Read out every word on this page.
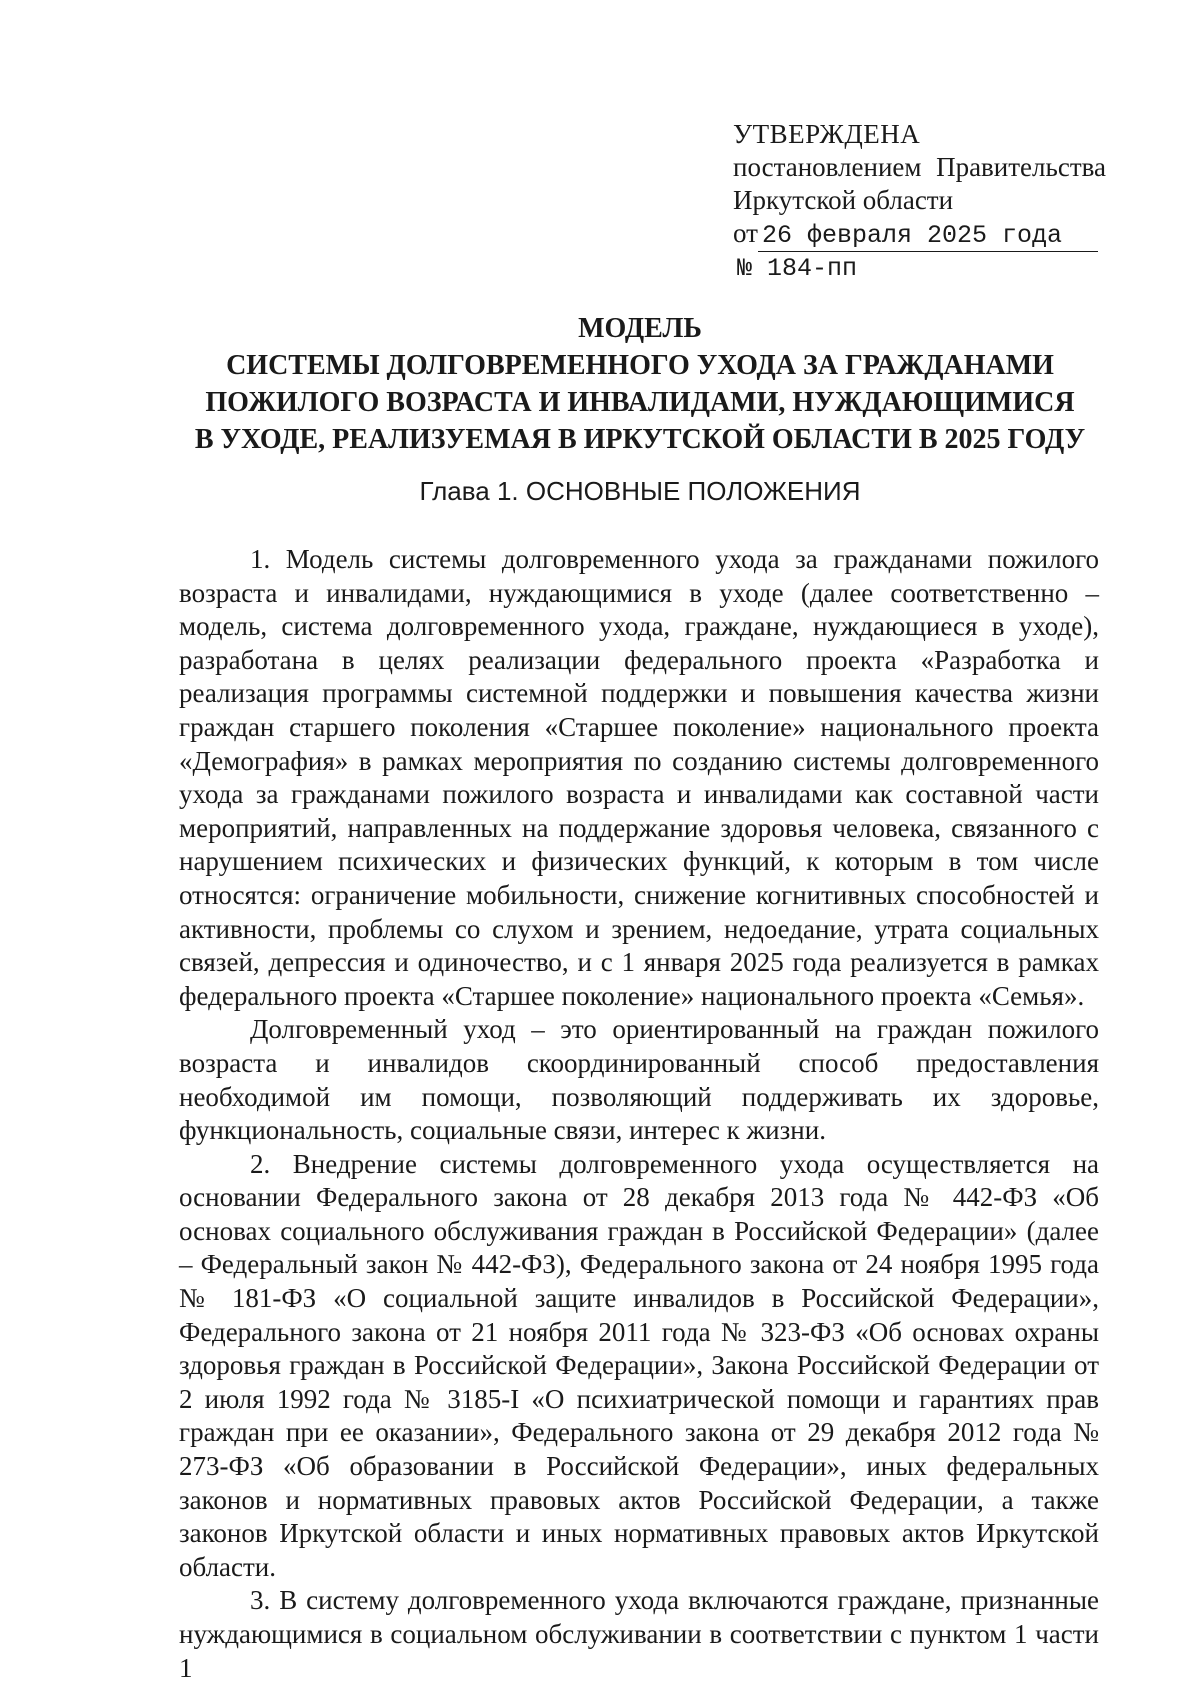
УТВЕРЖДЕНА
постановлением Правительства
Иркутской области
от 26 февраля 2025 года
№ 184-пп
МОДЕЛЬ
СИСТЕМЫ ДОЛГОВРЕМЕННОГО УХОДА ЗА ГРАЖДАНАМИ
ПОЖИЛОГО ВОЗРАСТА И ИНВАЛИДАМИ, НУЖДАЮЩИМИСЯ
В УХОДЕ, РЕАЛИЗУЕМАЯ В ИРКУТСКОЙ ОБЛАСТИ В 2025 ГОДУ
Глава 1. ОСНОВНЫЕ ПОЛОЖЕНИЯ

1. Модель системы долговременного ухода за гражданами пожилого возраста и инвалидами, нуждающимися в уходе (далее соответственно – модель, система долговременного ухода, граждане, нуждающиеся в уходе), разработана в целях реализации федерального проекта «Разработка и реализация программы системной поддержки и повышения качества жизни граждан старшего поколения «Старшее поколение» национального проекта «Демография» в рамках мероприятия по созданию системы долговременного ухода за гражданами пожилого возраста и инвалидами как составной части мероприятий, направленных на поддержание здоровья человека, связанного с нарушением психических и физических функций, к которым в том числе относятся: ограничение мобильности, снижение когнитивных способностей и активности, проблемы со слухом и зрением, недоедание, утрата социальных связей, депрессия и одиночество, и с 1 января 2025 года реализуется в рамках федерального проекта «Старшее поколение» национального проекта «Семья».

Долговременный уход – это ориентированный на граждан пожилого возраста и инвалидов скоординированный способ предоставления необходимой им помощи, позволяющий поддерживать их здоровье, функциональность, социальные связи, интерес к жизни.

2. Внедрение системы долговременного ухода осуществляется на основании Федерального закона от 28 декабря 2013 года № 442-ФЗ «Об основах социального обслуживания граждан в Российской Федерации» (далее – Федеральный закон № 442-ФЗ), Федерального закона от 24 ноября 1995 года № 181-ФЗ «О социальной защите инвалидов в Российской Федерации», Федерального закона от 21 ноября 2011 года № 323-ФЗ «Об основах охраны здоровья граждан в Российской Федерации», Закона Российской Федерации от 2 июля 1992 года № 3185-I «О психиатрической помощи и гарантиях прав граждан при ее оказании», Федерального закона от 29 декабря 2012 года № 273-ФЗ «Об образовании в Российской Федерации», иных федеральных законов и нормативных правовых актов Российской Федерации, а также законов Иркутской области и иных нормативных правовых актов Иркутской области.

3. В систему долговременного ухода включаются граждане, признанные нуждающимися в социальном обслуживании в соответствии с пунктом 1 части 1
